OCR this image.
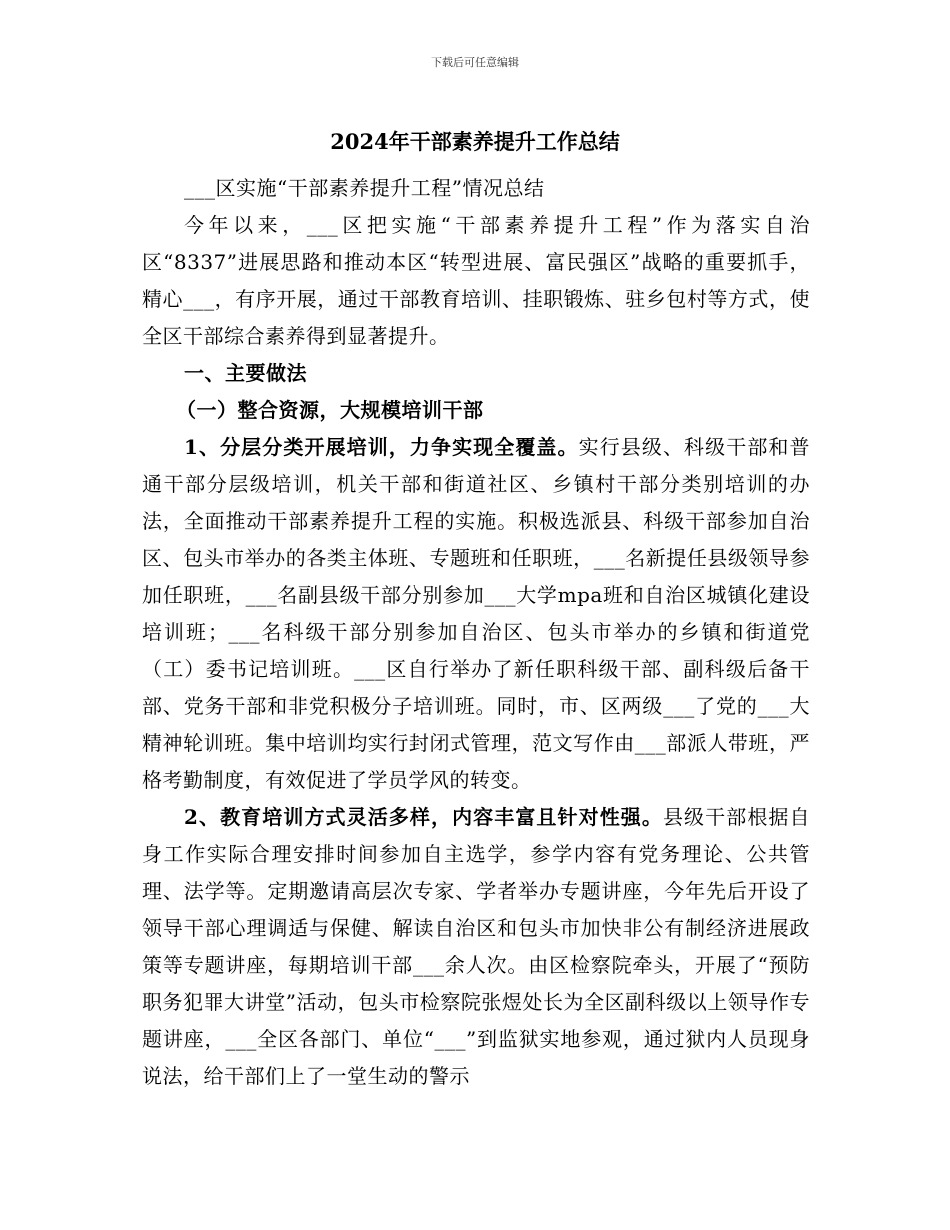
下载后可任意编辑
2024年干部素养提升工作总结

___区实施“干部素养提升工程”情况总结

今年以来，___区把实施“干部素养提升工程”作为落实自治区“8337”进展思路和推动本区“转型进展、富民强区”战略的重要抓手，精心___，有序开展，通过干部教育培训、挂职锻炼、驻乡包村等方式，使全区干部综合素养得到显著提升。

一、主要做法

（一）整合资源，大规模培训干部

1、分层分类开展培训，力争实现全覆盖。实行县级、科级干部和普通干部分层级培训，机关干部和街道社区、乡镇村干部分类别培训的办法，全面推动干部素养提升工程的实施。积极选派县、科级干部参加自治区、包头市举办的各类主体班、专题班和任职班，___名新提任县级领导参加任职班，___名副县级干部分别参加___大学mpa班和自治区城镇化建设培训班；___名科级干部分别参加自治区、包头市举办的乡镇和街道党（工）委书记培训班。___区自行举办了新任职科级干部、副科级后备干部、党务干部和非党积极分子培训班。同时，市、区两级___了党的___大精神轮训班。集中培训均实行封闭式管理，范文写作由___部派人带班，严格考勤制度，有效促进了学员学风的转变。

2、教育培训方式灵活多样，内容丰富且针对性强。县级干部根据自身工作实际合理安排时间参加自主选学，参学内容有党务理论、公共管理、法学等。定期邀请高层次专家、学者举办专题讲座，今年先后开设了领导干部心理调适与保健、解读自治区和包头市加快非公有制经济进展政策等专题讲座，每期培训干部___余人次。由区检察院牵头，开展了“预防职务犯罪大讲堂”活动，包头市检察院张煜处长为全区副科级以上领导作专题讲座，___全区各部门、单位“___”到监狱实地参观，通过狱内人员现身说法，给干部们上了一堂生动的警示
